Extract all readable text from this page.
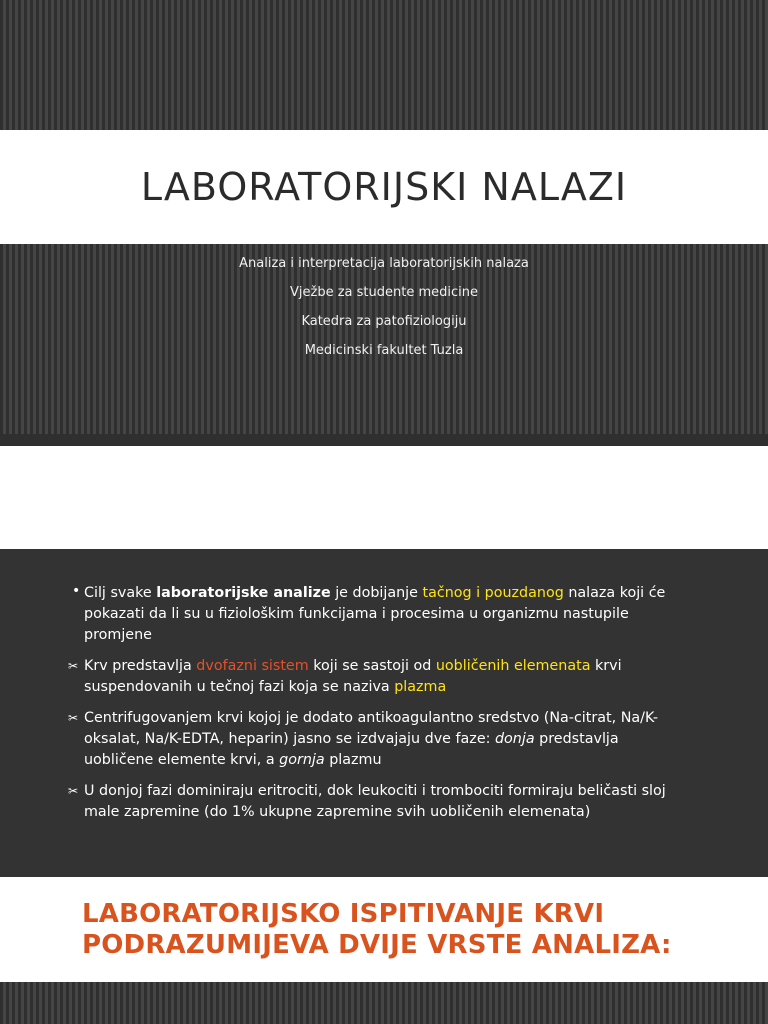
LABORATORIJSKI NALAZI

Analiza i interpretacija laboratorijskih nalaza

Vježbe za studente medicine

Katedra za patofiziologiju

Medicinski fakultet Tuzla

• Cilj svake laboratorijske analize je dobijanje tačnog i pouzdanog nalaza koji će pokazati da li su u fiziološkim funkcijama i procesima u organizmu nastupile promjene
✂ Krv predstavlja dvofazni sistem koji se sastoji od uobličenih elemenata krvi suspendovanih u tečnoj fazi koja se naziva plazma
✂ Centrifugovanjem krvi kojoj je dodato antikoagulantno sredstvo (Na-citrat, Na/K-oksalat, Na/K-EDTA, heparin) jasno se izdvajaju dve faze: donja predstavlja uobličene elemente krvi, a gornja plazmu
✂ U donjoj fazi dominiraju eritrociti, dok leukociti i trombociti formiraju beličasti sloj male zapremine (do 1% ukupne zapremine svih uobličenih elemenata)
LABORATORIJSKO ISPITIVANJE KRVI
PODRAZUMIJEVA DVIJE VRSTE ANALIZA:
